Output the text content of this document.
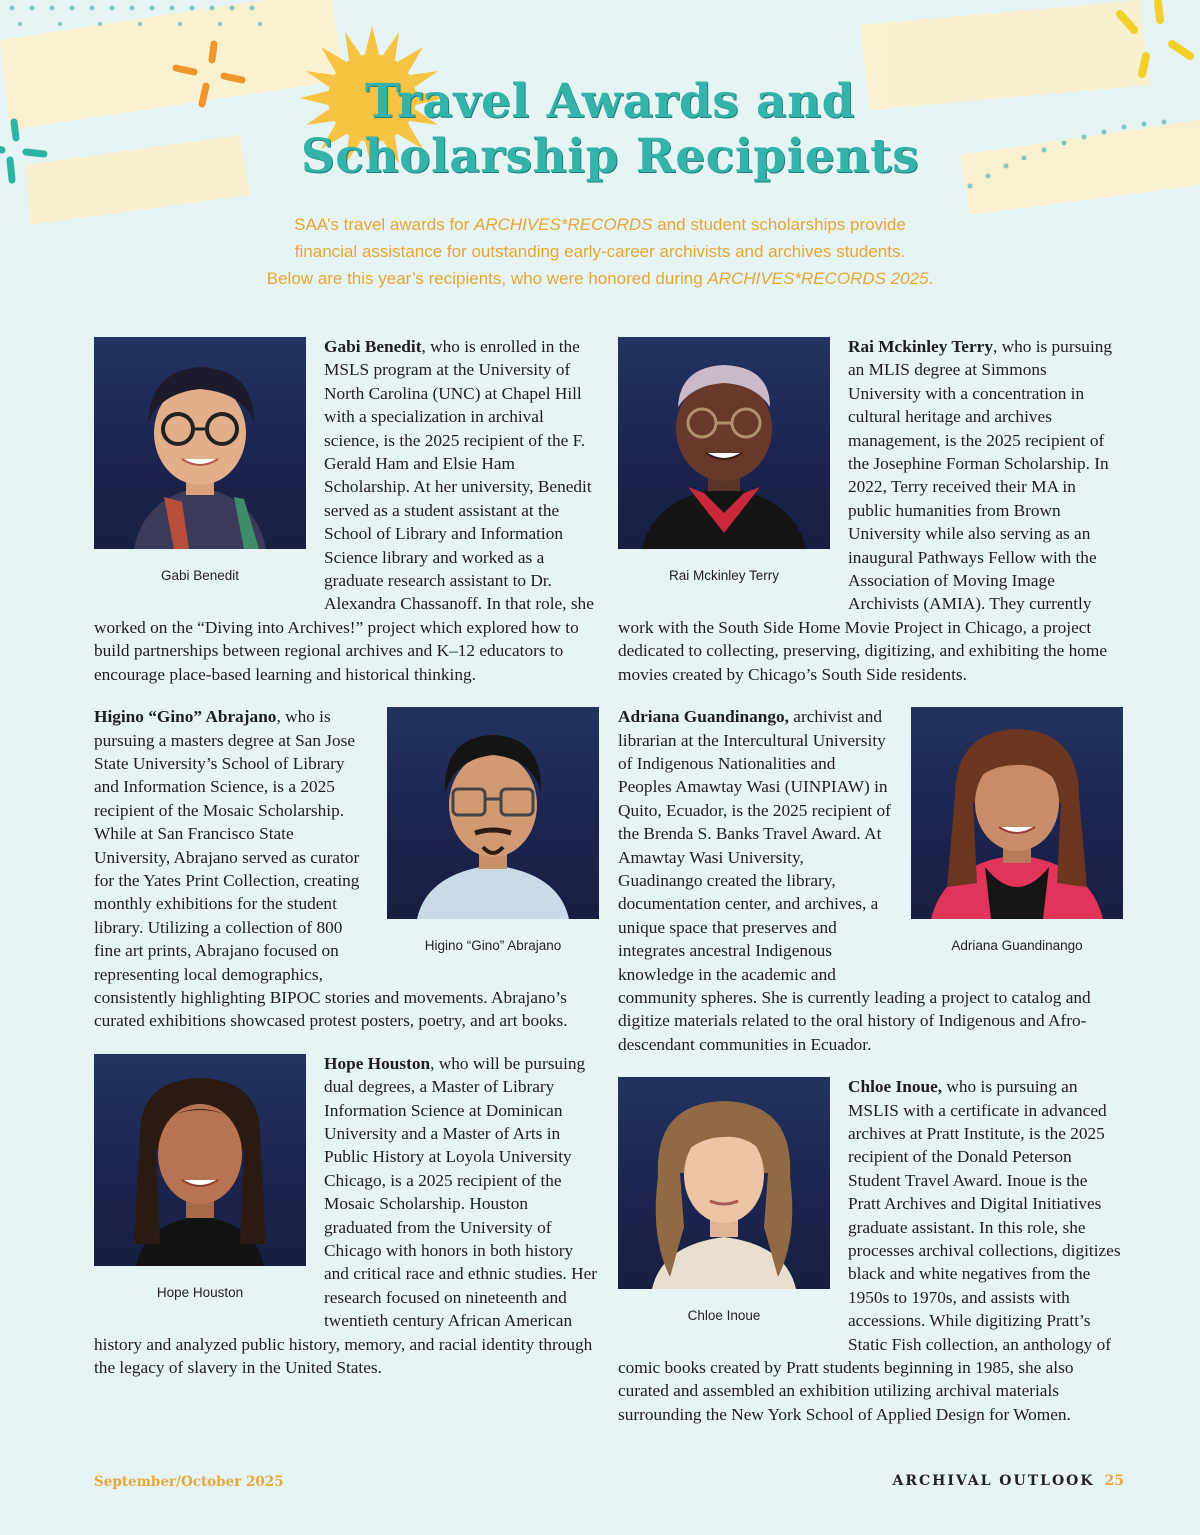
Travel Awards and
Scholarship Recipients

SAA’s travel awards for ARCHIVES*RECORDS and student scholarships provide
financial assistance for outstanding early-career archivists and archives students.
Below are this year’s recipients, who were honored during ARCHIVES*RECORDS 2025.

Gabi Benedit
Gabi Benedit, who is enrolled in the MSLS program at the University of North Carolina (UNC) at Chapel Hill with a specialization in archival science, is the 2025 recipient of the F. Gerald Ham and Elsie Ham Scholarship. At her university, Benedit served as a student assistant at the School of Library and Information Science library and worked as a graduate research assistant to Dr. Alexandra Chassanoff. In that role, she worked on the “Diving into Archives!” project which explored how to build partnerships between regional archives and K–12 educators to encourage place-based learning and historical thinking.
Higino “Gino” Abrajano
Higino “Gino” Abrajano, who is pursuing a masters degree at San Jose State University’s School of Library and Information Science, is a 2025 recipient of the Mosaic Scholarship. While at San Francisco State University, Abrajano served as curator for the Yates Print Collection, creating monthly exhibitions for the student library. Utilizing a collection of 800 fine art prints, Abrajano focused on representing local demographics, consistently highlighting BIPOC stories and movements. Abrajano’s curated exhibitions showcased protest posters, poetry, and art books.
Hope Houston
Hope Houston, who will be pursuing dual degrees, a Master of Library Information Science at Dominican University and a Master of Arts in Public History at Loyola University Chicago, is a 2025 recipient of the Mosaic Scholarship. Houston graduated from the University of Chicago with honors in both history and critical race and ethnic studies. Her research focused on nineteenth and twentieth century African American history and analyzed public history, memory, and racial identity through the legacy of slavery in the United States.
Rai Mckinley Terry
Rai Mckinley Terry, who is pursuing an MLIS degree at Simmons University with a concentration in cultural heritage and archives management, is the 2025 recipient of the Josephine Forman Scholarship. In 2022, Terry received their MA in public humanities from Brown University while also serving as an inaugural Pathways Fellow with the Association of Moving Image Archivists (AMIA). They currently work with the South Side Home Movie Project in Chicago, a project dedicated to collecting, preserving, digitizing, and exhibiting the home movies created by Chicago’s South Side residents.
Adriana Guandinango
Adriana Guandinango, archivist and librarian at the Intercultural University of Indigenous Nationalities and Peoples Amawtay Wasi (UINPIAW) in Quito, Ecuador, is the 2025 recipient of the Brenda S. Banks Travel Award. At Amawtay Wasi University, Guadinango created the library, documentation center, and archives, a unique space that preserves and integrates ancestral Indigenous knowledge in the academic and community spheres. She is currently leading a project to catalog and digitize materials related to the oral history of Indigenous and Afro-descendant communities in Ecuador.
Chloe Inoue
Chloe Inoue, who is pursuing an MSLIS with a certificate in advanced archives at Pratt Institute, is the 2025 recipient of the Donald Peterson Student Travel Award. Inoue is the Pratt Archives and Digital Initiatives graduate assistant. In this role, she processes archival collections, digitizes black and white negatives from the 1950s to 1970s, and assists with accessions. While digitizing Pratt’s Static Fish collection, an anthology of comic books created by Pratt students beginning in 1985, she also curated and assembled an exhibition utilizing archival materials surrounding the New York School of Applied Design for Women.

September/October 2025	ARCHIVAL OUTLOOK 25
